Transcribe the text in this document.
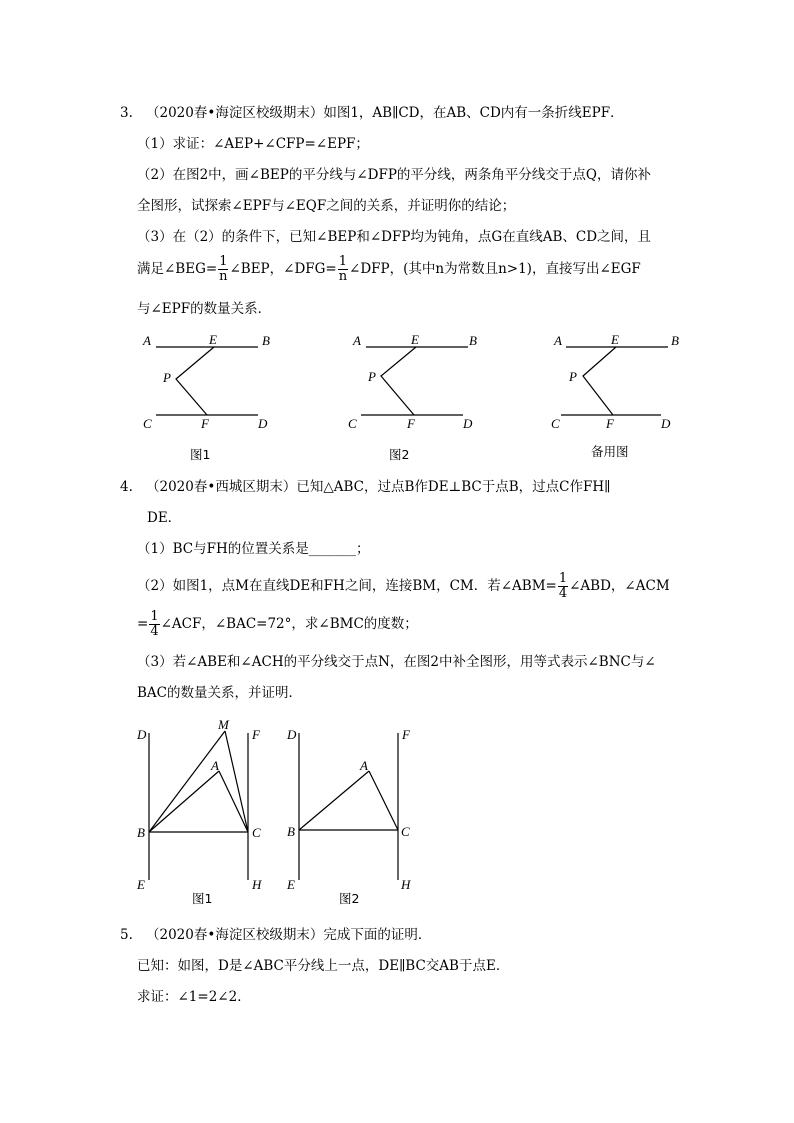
3. （2020春•海淀区校级期末）如图1，AB∥CD，在AB、CD内有一条折线EPF．
（1）求证：∠AEP+∠CFP=∠EPF；
（2）在图2中，画∠BEP的平分线与∠DFP的平分线，两条角平分线交于点Q，请你补
全图形，试探索∠EPF与∠EQF之间的关系，并证明你的结论；
（3）在（2）的条件下，已知∠BEP和∠DFP均为钝角，点G在直线AB、CD之间，且
满足∠BEG= $\frac{1}{n}$ ∠BEP，∠DFG= $\frac{1}{n}$ ∠DFP，(其中n为常数且n>1)，直接写出∠EGF
与∠EPF的数量关系．
A	B
E
P
C	F	D
图1
A	B
E
P
C	F	D
图2
A	B
E
P
C	F	D
备用图
4. （2020春•西城区期末）已知△ABC，过点B作DE⊥BC于点B，过点C作FH∥
DE．
（1）BC与FH的位置关系是_______；
（2）如图1，点M在直线DE和FH之间，连接BM，CM．若∠ABM= $\frac{1}{4}$ ∠ABD，∠ACM
= $\frac{1}{4}$ ∠ACF，∠BAC=72°，求∠BMC的度数；
（3）若∠ABE和∠ACH的平分线交于点N，在图2中补全图形，用等式表示∠BNC与∠
BAC的数量关系，并证明．
D
M
F
A
B	C
E	H
图1
D	F
A
B	C
E	H
图2
5. （2020春•海淀区校级期末）完成下面的证明．
已知：如图，D是∠ABC平分线上一点，DE∥BC交AB于点E．
求证：∠1=2∠2．
